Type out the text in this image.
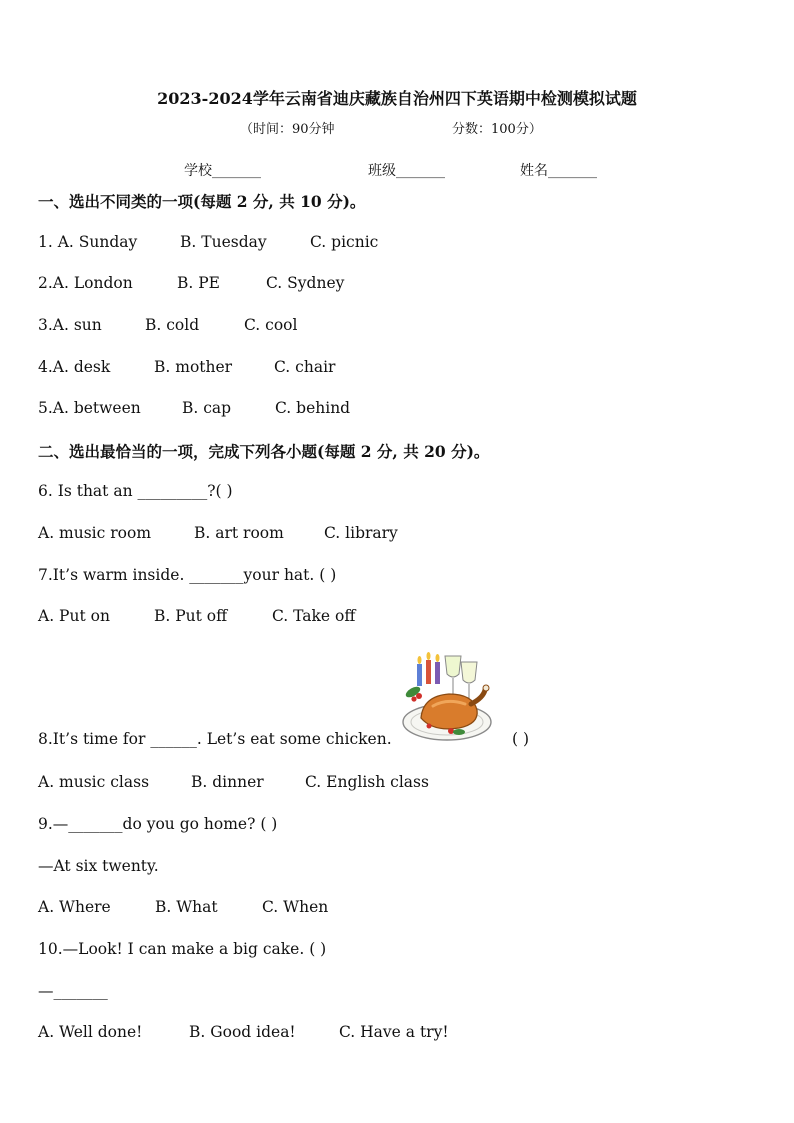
2023-2024学年云南省迪庆藏族自治州四下英语期中检测模拟试题
（时间：90分钟	分数：100分）
学校_______	班级_______	姓名_______
一、选出不同类的一项(每题 2 分, 共 10 分)。
1. A. Sunday	B. Tuesday	C. picnic
2.A. London	B. PE	C. Sydney
3.A. sun	B. cold	C. cool
4.A. desk	B. mother	C. chair
5.A. between	B. cap	C. behind
二、选出最恰当的一项，完成下列各小题(每题 2 分, 共 20 分)。
6. Is that an _________?( )
A. music room	B. art room	C. library
7.It’s warm inside. _______your hat. ( )
A. Put on	B. Put off	C. Take off
8.It’s time for ______. Let’s eat some chicken.	( )
A. music class	B. dinner	C. English class
9.—_______do you go home? ( )
—At six twenty.
A. Where	B. What	C. When
10.—Look! I can make a big cake. ( )
—_______
A. Well done!	B. Good idea!	C. Have a try!
